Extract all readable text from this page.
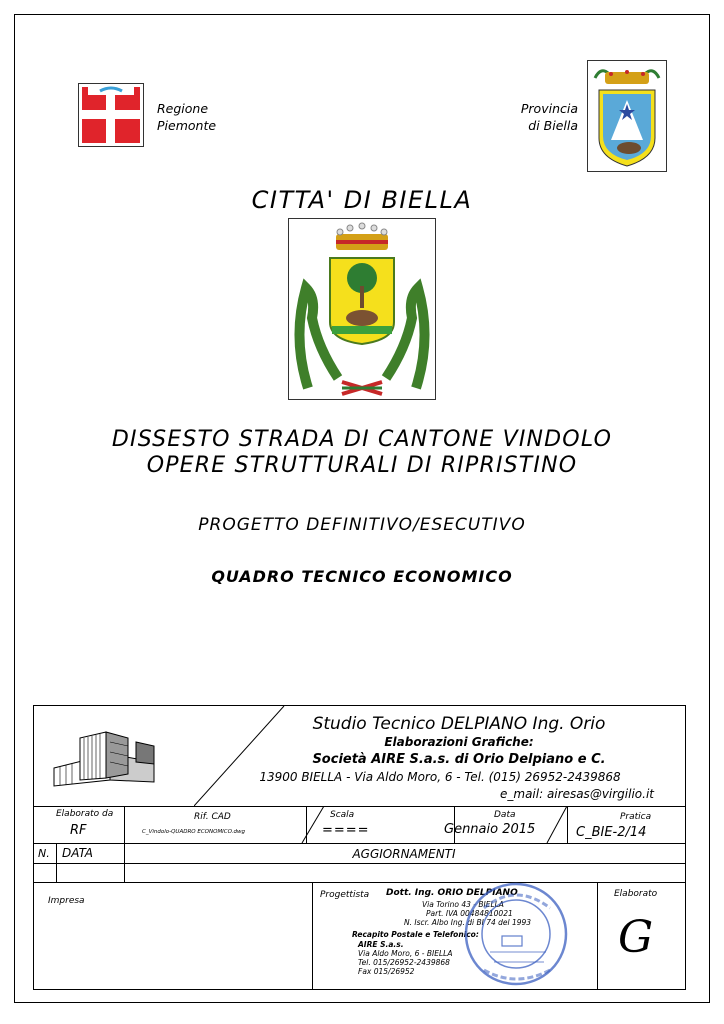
Regione
Piemonte
Provincia
di Biella
CITTA' DI BIELLA
DISSESTO STRADA DI CANTONE VINDOLO
OPERE STRUTTURALI DI RIPRISTINO
PROGETTO DEFINITIVO/ESECUTIVO
QUADRO TECNICO ECONOMICO
Studio Tecnico DELPIANO Ing. Orio
Elaborazioni Grafiche:
Società AIRE S.a.s. di Orio Delpiano e C.
13900 BIELLA - Via Aldo Moro, 6 - Tel. (015) 26952-2439868
e_mail: airesas@virgilio.it
Elaborato da
RF
Rif. CAD
C_Vindolo-QUADRO ECONOMICO.dwg
Scala
====
Data
Gennaio 2015
Pratica
C_BIE-2/14
N. DATA	AGGIORNAMENTI
Impresa
Progettista Dott. Ing. ORIO DELPIANO
Via Torino 43 - BIELLA
Part. IVA 00484810021
N. Iscr. Albo Ing. di BI 74 del 1993
Recapito Postale e Telefonico:
AIRE S.a.s.
Via Aldo Moro, 6 - BIELLA
Tel. 015/26952-2439868
Fax 015/26952
Elaborato
G
